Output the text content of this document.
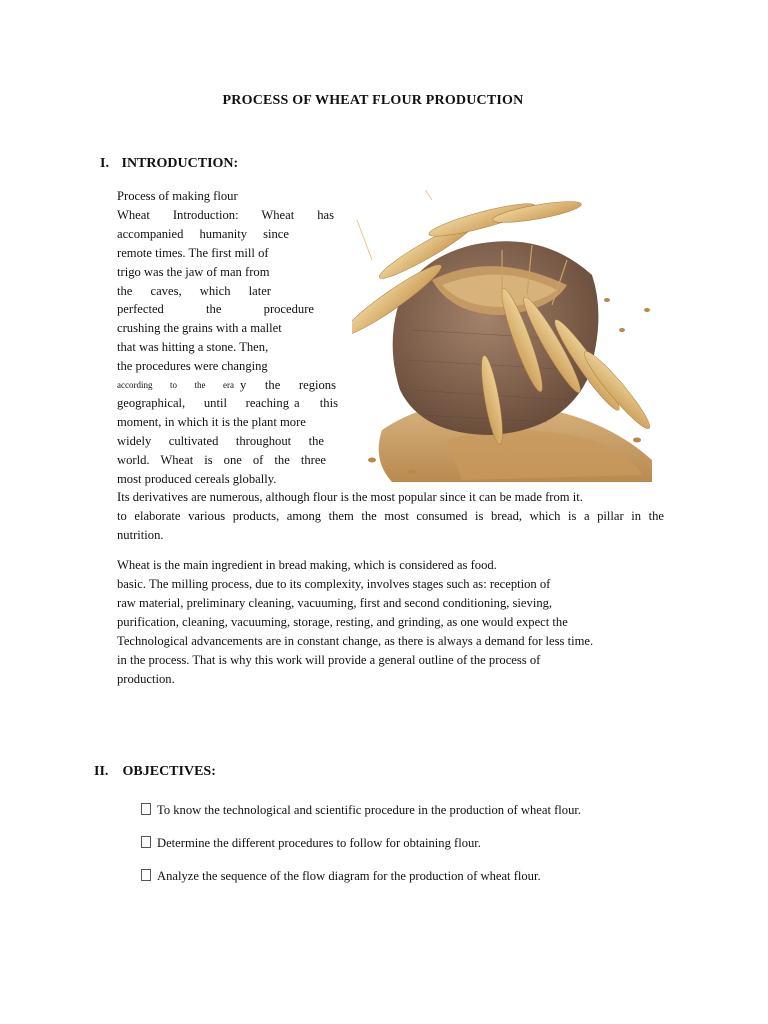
PROCESS OF WHEAT FLOUR PRODUCTION
I. INTRODUCTION:
Process of making flour
Wheat Introduction: Wheat has
accompanied humanity since
remote times. The first mill of
trigo was the jaw of man from
the caves, which later
perfected the procedure
crushing the grains with a mallet
that was hitting a stone. Then,
the procedures were changing
according to the era y the regions
geographical, until reaching a this
moment, in which it is the plant more
widely cultivated throughout the
world. Wheat is one of the three
most produced cereals globally.
Its derivatives are numerous, although flour is the most popular since it can be made from it.
to elaborate various products, among them the most consumed is bread, which is a pillar in the
nutrition.
Wheat is the main ingredient in bread making, which is considered as food.
basic. The milling process, due to its complexity, involves stages such as: reception of
raw material, preliminary cleaning, vacuuming, first and second conditioning, sieving,
purification, cleaning, vacuuming, storage, resting, and grinding, as one would expect the
Technological advancements are in constant change, as there is always a demand for less time.
in the process. That is why this work will provide a general outline of the process of
production.
II. OBJECTIVES:
To know the technological and scientific procedure in the production of wheat flour.
Determine the different procedures to follow for obtaining flour.
Analyze the sequence of the flow diagram for the production of wheat flour.
